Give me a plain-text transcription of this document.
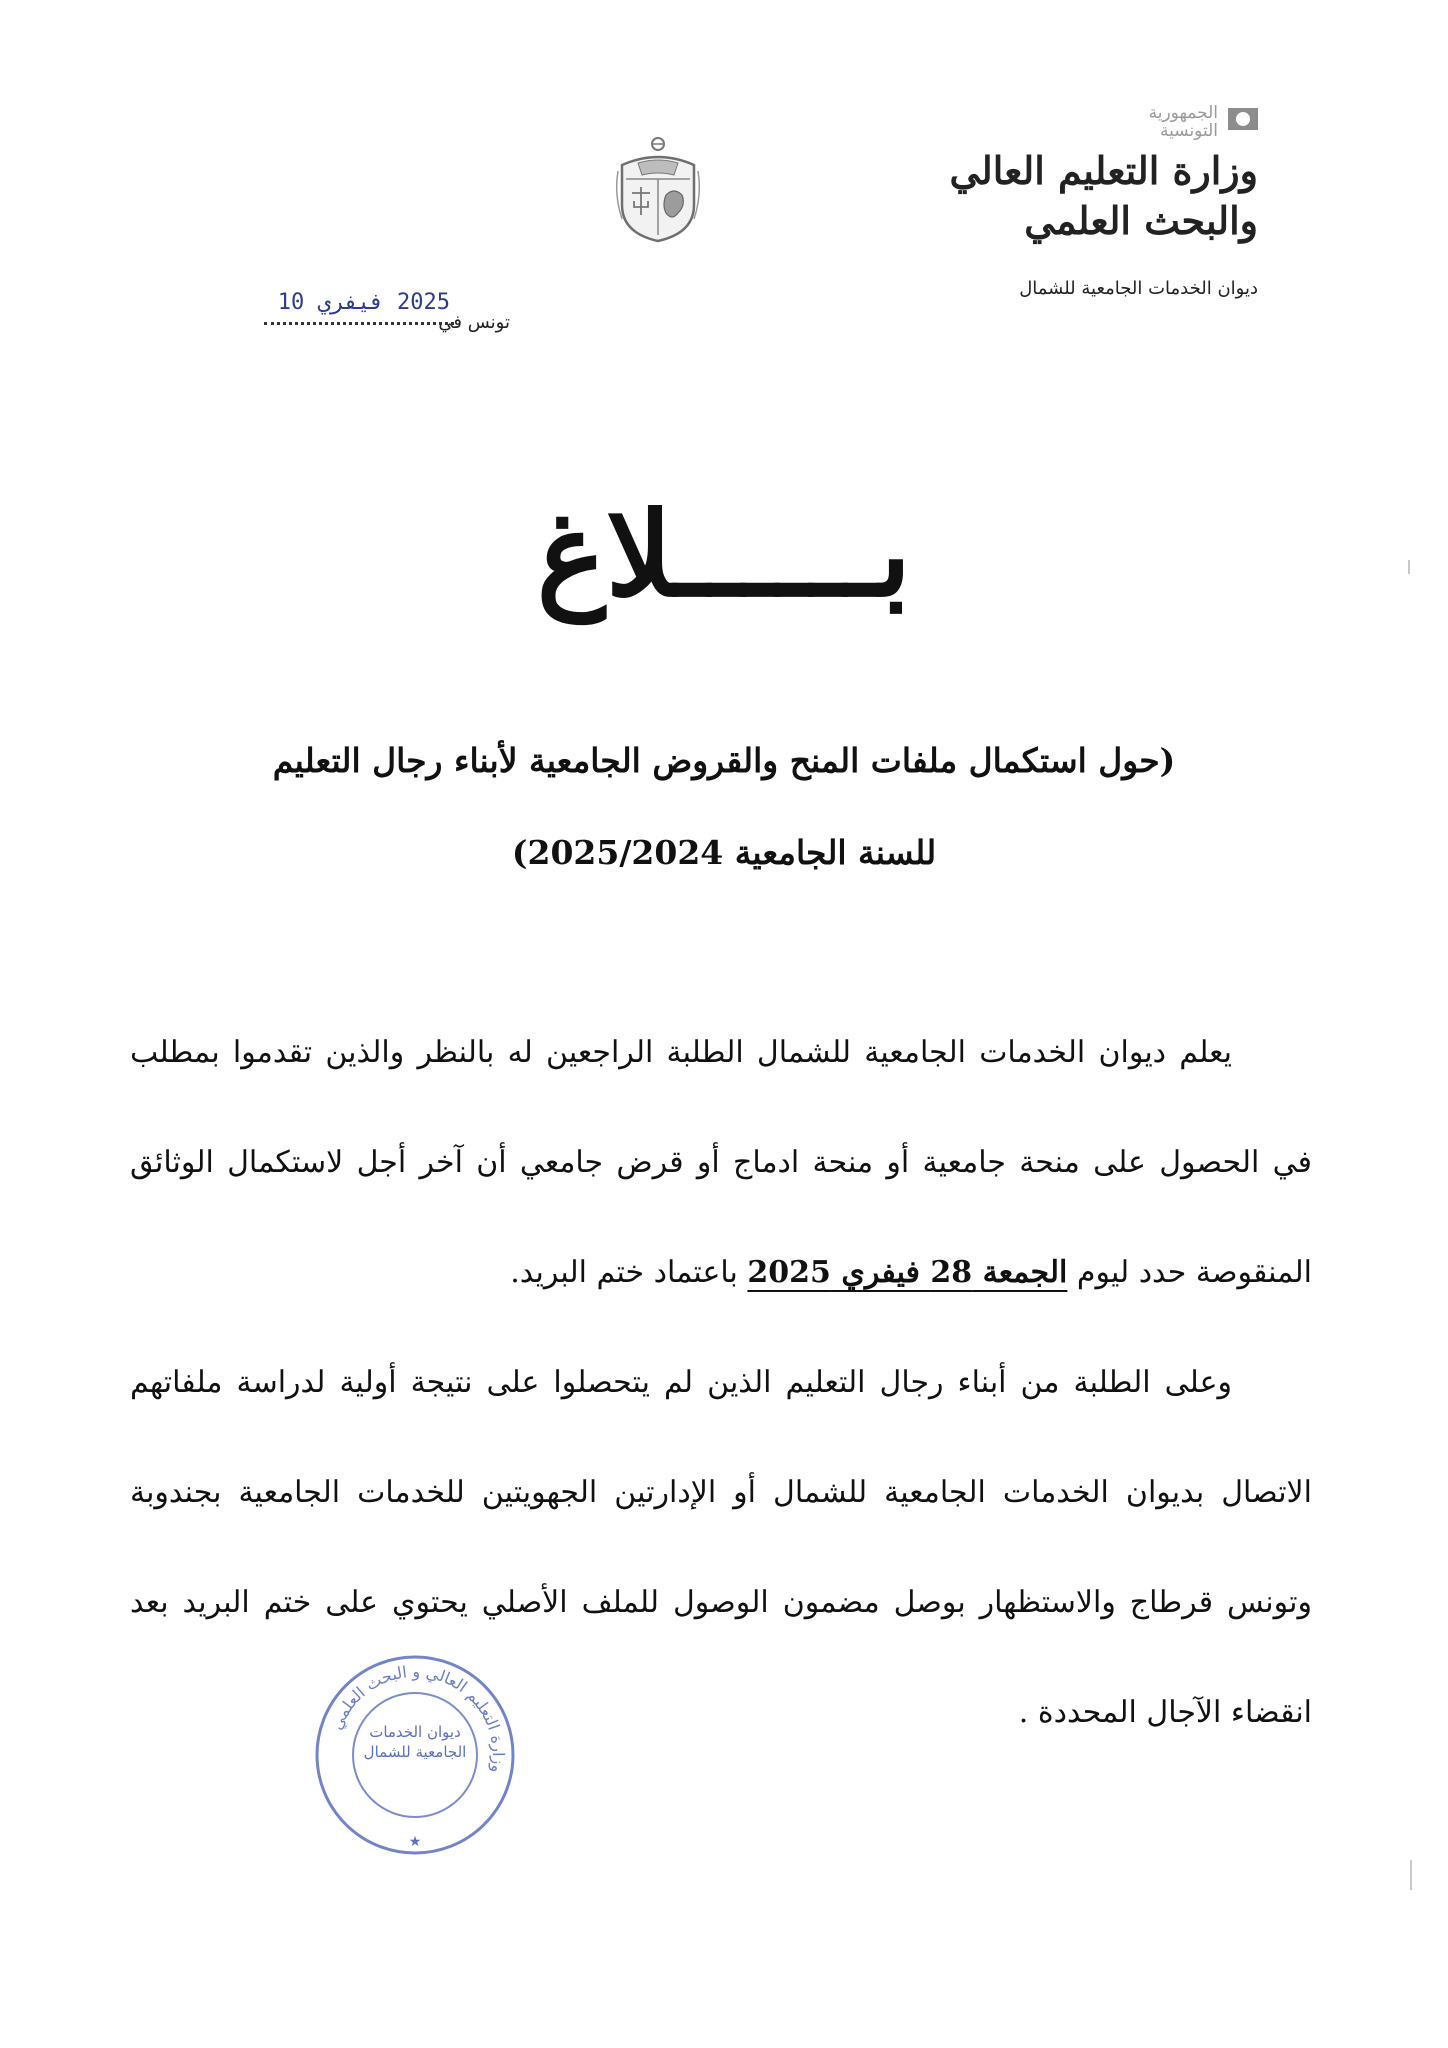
الجمهورية التونسية
وزارة التعليم العالي والبحث العلمي
ديوان الخدمات الجامعية للشمال
تونس في
2025 فيفري 10
بــــــلاغ
(حول استكمال ملفات المنح والقروض الجامعية لأبناء رجال التعليم
للسنة الجامعية 2025/2024)

يعلم ديوان الخدمات الجامعية للشمال الطلبة الراجعين له بالنظر والذين تقدموا بمطلب في الحصول على منحة جامعية أو منحة ادماج أو قرض جامعي أن آخر أجل لاستكمال الوثائق المنقوصة حدد ليوم الجمعة 28 فيفري 2025 باعتماد ختم البريد.

وعلى الطلبة من أبناء رجال التعليم الذين لم يتحصلوا على نتيجة أولية لدراسة ملفاتهم الاتصال بديوان الخدمات الجامعية للشمال أو الإدارتين الجهويتين للخدمات الجامعية بجندوبة وتونس قرطاج والاستظهار بوصل مضمون الوصول للملف الأصلي يحتوي على ختم البريد بعد انقضاء الآجال المحددة .

وزارة التعليم العالي و البحث العلمي
ديوان الخدمات الجامعية للشمال
★
